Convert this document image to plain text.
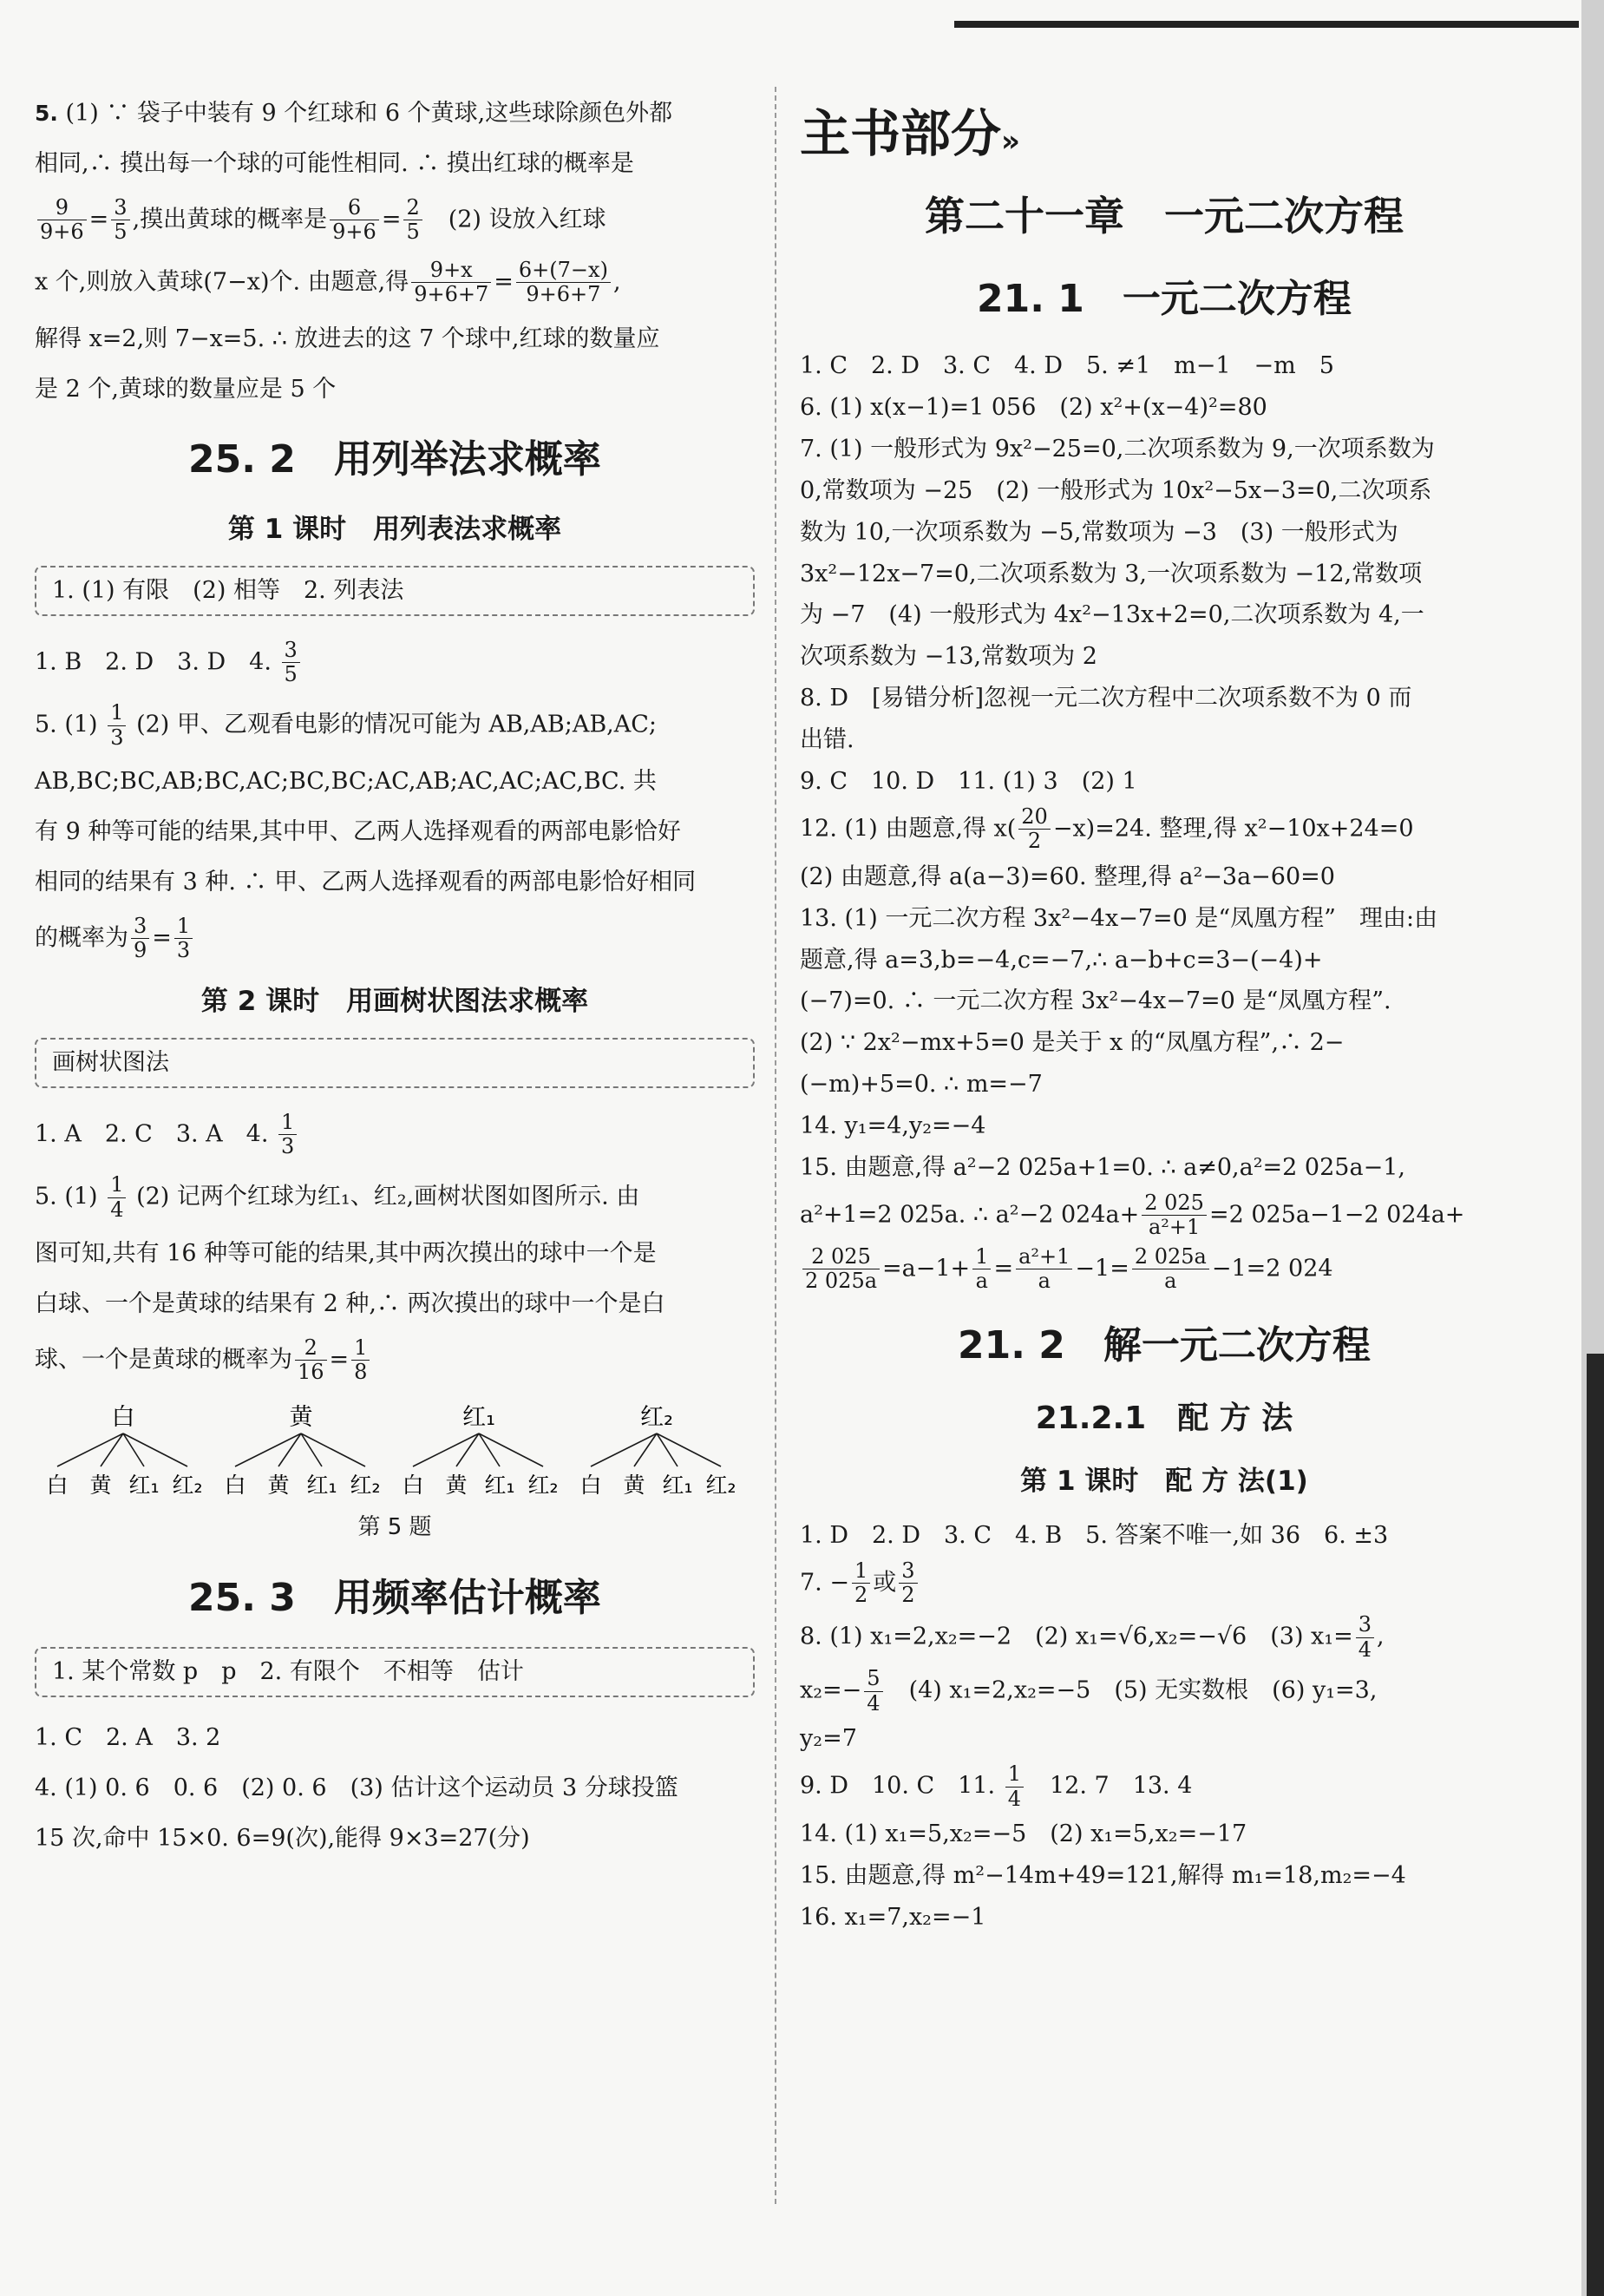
5. (1) ∵ 袋子中装有 9 个红球和 6 个黄球,这些球除颜色外都

相同,∴ 摸出每一个球的可能性相同. ∴ 摸出红球的概率是

$\frac{9}{9+6} = \frac{3}{5}$ ,摸出黄球的概率是 $\frac{6}{9+6} = \frac{2}{5}$ 　(2) 设放入红球

x 个,则放入黄球(7−x)个. 由题意,得 $\frac{9+x}{9+6+7} = \frac{6+(7-x)}{9+6+7}$ ,

解得 x=2,则 7−x=5. ∴ 放进去的这 7 个球中,红球的数量应

是 2 个,黄球的数量应是 5 个

25. 2　用列举法求概率
第 1 课时　用列表法求概率
1. (1) 有限　(2) 相等　2. 列表法

1. B　2. D　3. D　4. $\frac{3}{5}$

5. $(1) \frac{1}{3} (2)$ 甲、乙观看电影的情况可能为 AB,AB;AB,AC;

AB,BC;BC,AB;BC,AC;BC,BC;AC,AB;AC,AC;AC,BC. 共

有 9 种等可能的结果,其中甲、乙两人选择观看的两部电影恰好

相同的结果有 3 种. ∴ 甲、乙两人选择观看的两部电影恰好相同

的概率为 $\frac{3}{9} = \frac{1}{3}$

第 2 课时　用画树状图法求概率
画树状图法

1. A　2. C　3. A　4. $\frac{1}{3}$

5. $(1) \frac{1}{4} (2)$ 记两个红球为红₁、红₂,画树状图如图所示. 由

图可知,共有 16 种等可能的结果,其中两次摸出的球中一个是

白球、一个是黄球的结果有 2 种,∴ 两次摸出的球中一个是白

球、一个是黄球的概率为 $\frac{2}{16} = \frac{1}{8}$

白
白 黄 红₁ 红₂
黄
白 黄 红₁ 红₂
红₁
白 黄 红₁ 红₂
红₂
白 黄 红₁ 红₂
第 5 题
25. 3　用频率估计概率
1. 某个常数 p　p　2. 有限个　不相等　估计

1. C　2. A　3. 2

4. (1) 0. 6　0. 6　(2) 0. 6　(3) 估计这个运动员 3 分球投篮

15 次,命中 15×0. 6=9(次),能得 9×3=27(分)

主书部分»
第二十一章　一元二次方程
21. 1　一元二次方程

1. C　2. D　3. C　4. D　5. ≠1　m−1　−m　5

6. (1) x(x−1)=1 056　(2) x²+(x−4)²=80

7. (1) 一般形式为 9x²−25=0,二次项系数为 9,一次项系数为

0,常数项为 −25　(2) 一般形式为 10x²−5x−3=0,二次项系

数为 10,一次项系数为 −5,常数项为 −3　(3) 一般形式为

3x²−12x−7=0,二次项系数为 3,一次项系数为 −12,常数项

为 −7　(4) 一般形式为 4x²−13x+2=0,二次项系数为 4,一

次项系数为 −13,常数项为 2

8. D　[易错分析]忽视一元二次方程中二次项系数不为 0 而

出错.

9. C　10. D　11. (1) 3　(2) 1

12. (1) 由题意,得 $x( \frac{20}{2} -x)=24$. 整理,得 x²−10x+24=0

(2) 由题意,得 a(a−3)=60. 整理,得 a²−3a−60=0

13. (1) 一元二次方程 3x²−4x−7=0 是“凤凰方程”　理由:由

题意,得 a=3,b=−4,c=−7,∴ a−b+c=3−(−4)+

(−7)=0. ∴ 一元二次方程 3x²−4x−7=0 是“凤凰方程”.

(2) ∵ 2x²−mx+5=0 是关于 x 的“凤凰方程”,∴ 2−

(−m)+5=0. ∴ m=−7

14. y₁=4,y₂=−4

15. 由题意,得 a²−2 025a+1=0. ∴ a≠0,a²=2 025a−1,

a²+1=2 025a. ∴ a²−2 $024a+ \frac{2 025}{\text{a²+1}} =2$ 025a−1−2 024a+

$\frac{2 025}{2 025a} =a-1+ \frac{1}{a} = \frac{\text{a²+1}}{a} -1= \frac{2 025a}{a} -1=2$ 024

21. 2　解一元二次方程
21.2.1　配 方 法
第 1 课时　配 方 法(1)

1. D　2. D　3. C　4. B　5. 答案不唯一,如 36　6. ±3

7. − $\frac{1}{2}$ 或 $\frac{3}{2}$

8. (1) x₁=2,x₂=−2　(2) x₁=√6,x₂=−√6　(3) $x_1= \frac{3}{4}$ ,

$x_2=- \frac{5}{4}$
　 (4) x₁=2,x₂=−5　(5) 无实数根　(6) y₁=3,

y₂=7

9. D　10. C　11. $\frac{1}{4}$
　 12. 7　13. 4

14. (1) x₁=5,x₂=−5　(2) x₁=5,x₂=−17

15. 由题意,得 m²−14m+49=121,解得 m₁=18,m₂=−4

16. x₁=7,x₂=−1
